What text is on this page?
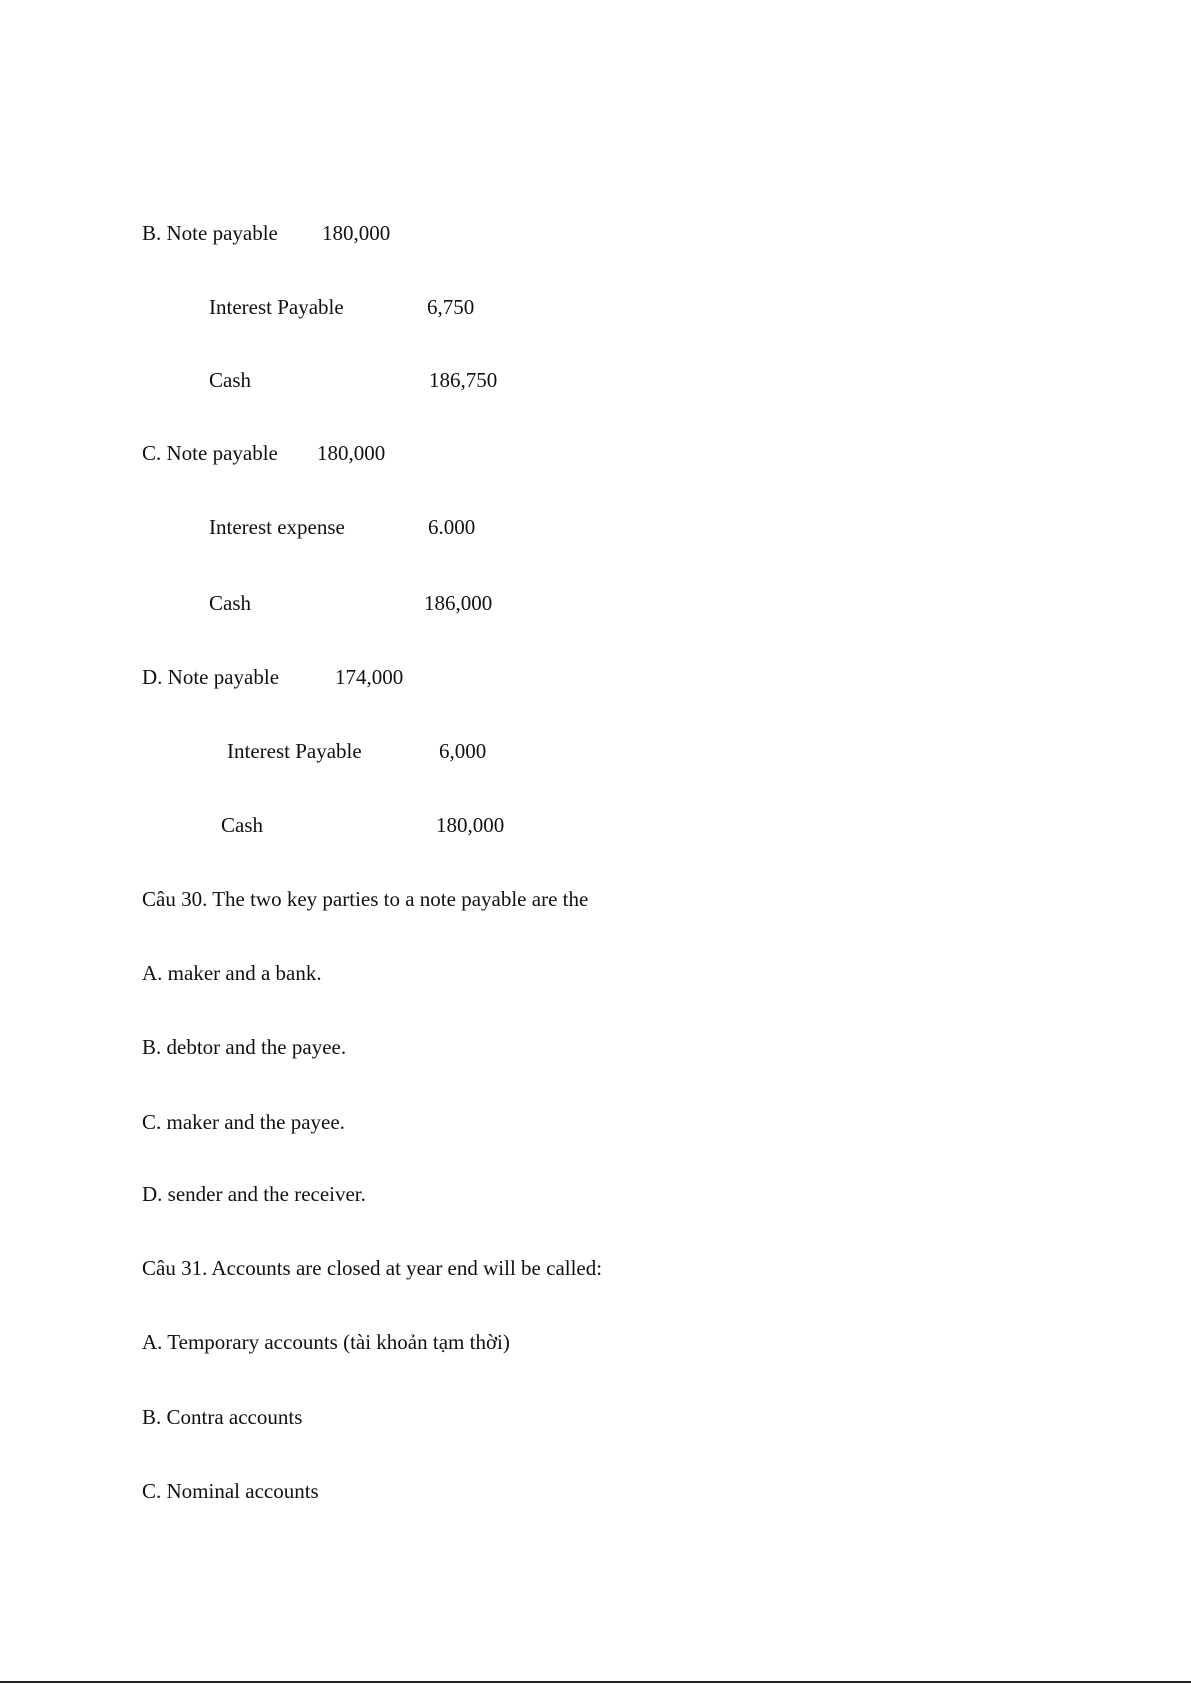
B. Note payable 180,000
Interest Payable	6,750
Cash	186,750
C. Note payable 180,000
Interest expense	6.000
Cash	186,000
D. Note payable	174,000
Interest Payable	6,000
Cash	180,000
Câu 30. The two key parties to a note payable are the
A. maker and a bank.
B. debtor and the payee.
C. maker and the payee.
D. sender and the receiver.
Câu 31. Accounts are closed at year end will be called:
A. Temporary accounts (tài khoản tạm thời)
B. Contra accounts
C. Nominal accounts
